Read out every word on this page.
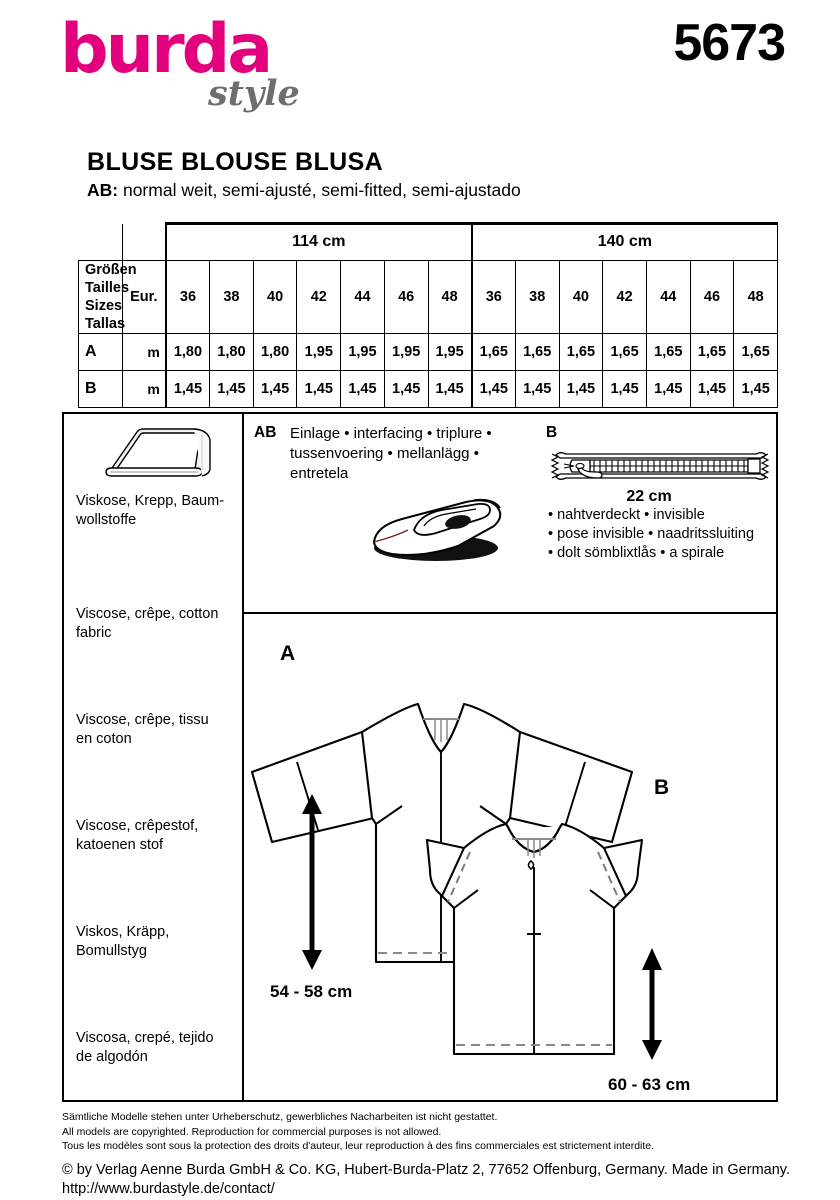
burda
style
5673
BLUSE BLOUSE BLUSA
AB: normal weit, semi-ajusté, semi-fitted, semi-ajustado
		114 cm							140 cm						

Größen Tailles
Sizes Tallas	Eur.	36	38	40	42	44	46	48	36	38	40	42	44	46	48
A	m	1,80	1,80	1,80	1,95	1,95	1,95	1,95	1,65	1,65	1,65	1,65	1,65	1,65	1,65
B	m	1,45	1,45	1,45	1,45	1,45	1,45	1,45	1,45	1,45	1,45	1,45	1,45	1,45	1,45

Viskose, Krepp, Baum-

wollstoffe

Viscose, crêpe, cotton

fabric

Viscose, crêpe, tissu

en coton

Viscose, crêpestof,

katoenen stof

Viskos, Kräpp,

Bomullstyg

Viscosa, crepé, tejido

de algodón

AB Einlage • interfacing • triplure •
tussenvoering • mellanlägg •
entretela
B
22 cm

• nahtverdeckt • invisible

• pose invisible • naadritssluiting

• dolt sömblixtlås • a spirale

A
54 - 58 cm
B
60 - 63 cm

Sämtliche Modelle stehen unter Urheberschutz, gewerbliches Nacharbeiten ist nicht gestattet.

All models are copyrighted. Reproduction for commercial purposes is not allowed.

Tous les modèles sont sous la protection des droits d'auteur, leur reproduction à des fins commerciales est strictement interdite.

© by Verlag Aenne Burda GmbH & Co. KG, Hubert-Burda-Platz 2, 77652 Offenburg, Germany. Made in Germany.

http://www.burdastyle.de/contact/
